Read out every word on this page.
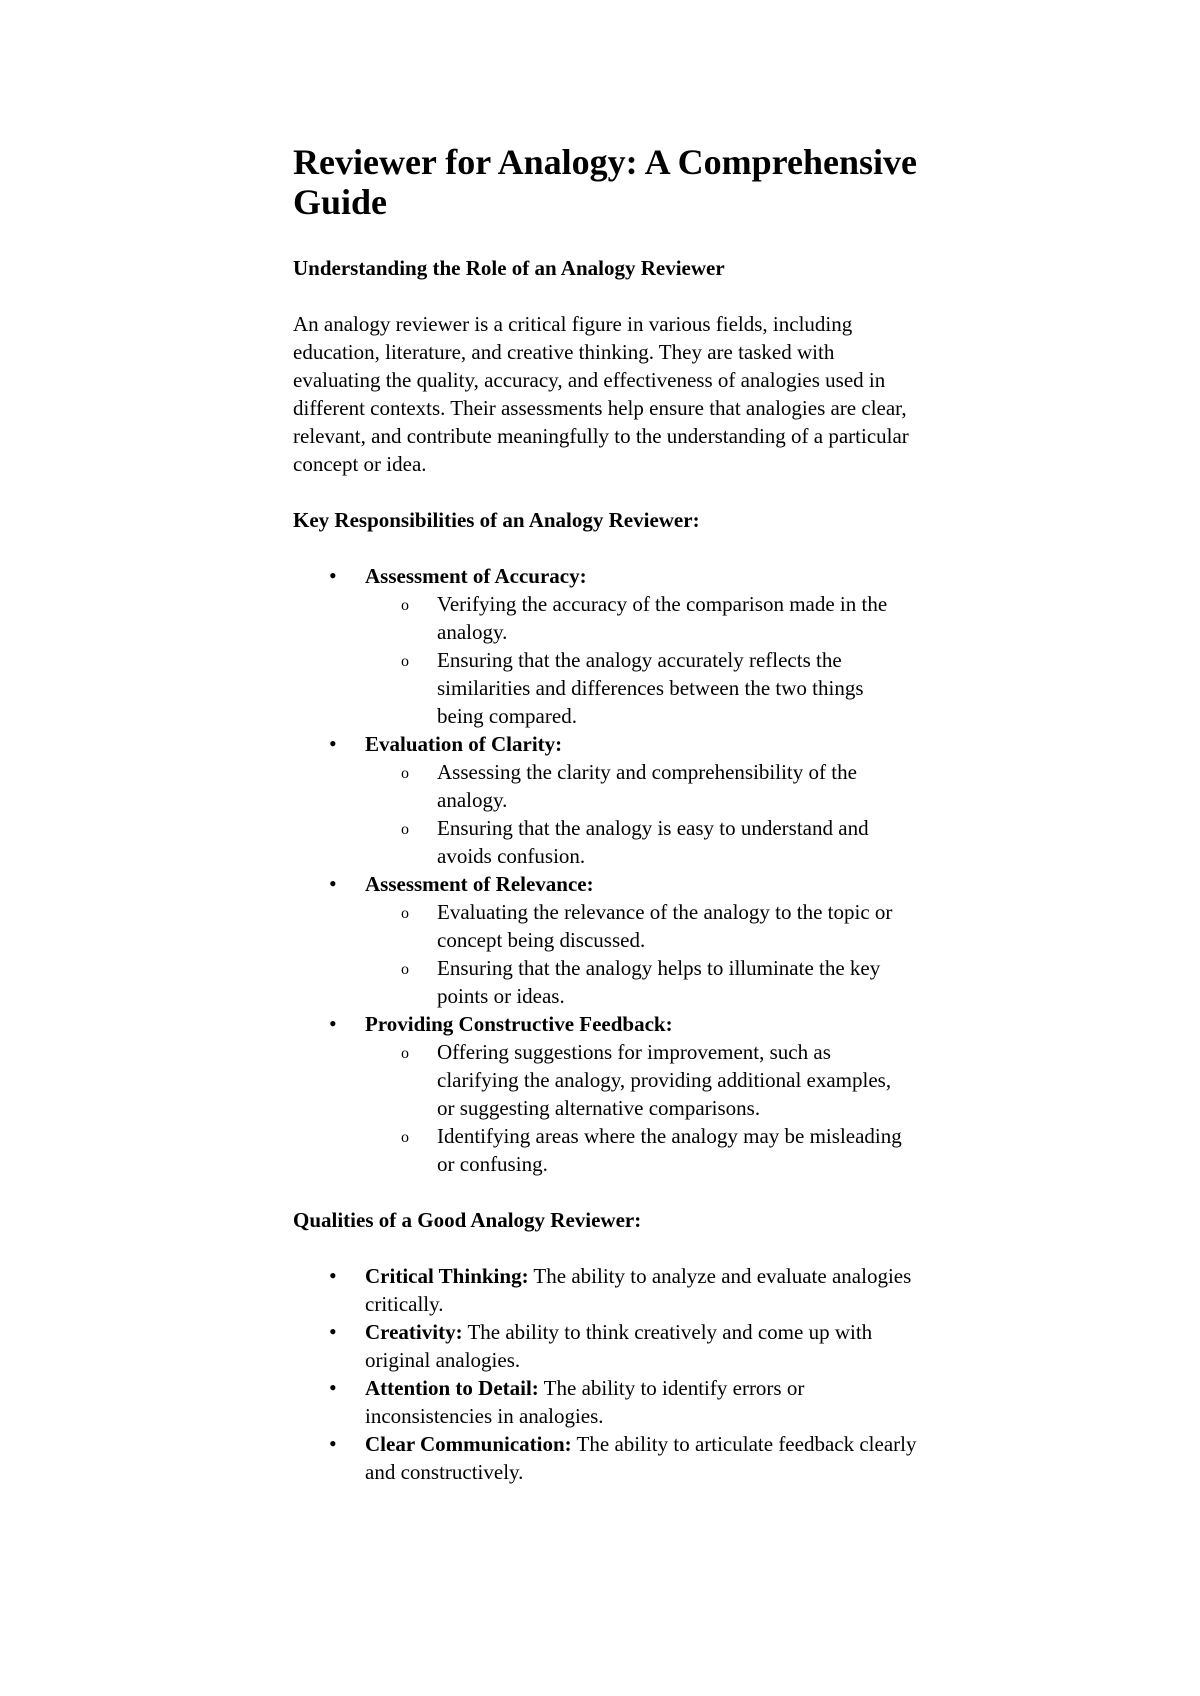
Reviewer for Analogy: A Comprehensive Guide
Understanding the Role of an Analogy Reviewer

An analogy reviewer is a critical figure in various fields, including education, literature, and creative thinking. They are tasked with evaluating the quality, accuracy, and effectiveness of analogies used in different contexts. Their assessments help ensure that analogies are clear, relevant, and contribute meaningfully to the understanding of a particular concept or idea.

Key Responsibilities of an Analogy Reviewer:
• Assessment of Accuracy:
o Verifying the accuracy of the comparison made in the analogy.
o Ensuring that the analogy accurately reflects the similarities and differences between the two things being compared.
• Evaluation of Clarity:
o Assessing the clarity and comprehensibility of the analogy.
o Ensuring that the analogy is easy to understand and avoids confusion.
• Assessment of Relevance:
o Evaluating the relevance of the analogy to the topic or concept being discussed.
o Ensuring that the analogy helps to illuminate the key points or ideas.
• Providing Constructive Feedback:
o Offering suggestions for improvement, such as clarifying the analogy, providing additional examples, or suggesting alternative comparisons.
o Identifying areas where the analogy may be misleading or confusing.
Qualities of a Good Analogy Reviewer:
• Critical Thinking: The ability to analyze and evaluate analogies critically.
• Creativity: The ability to think creatively and come up with original analogies.
• Attention to Detail: The ability to identify errors or inconsistencies in analogies.
• Clear Communication: The ability to articulate feedback clearly and constructively.
